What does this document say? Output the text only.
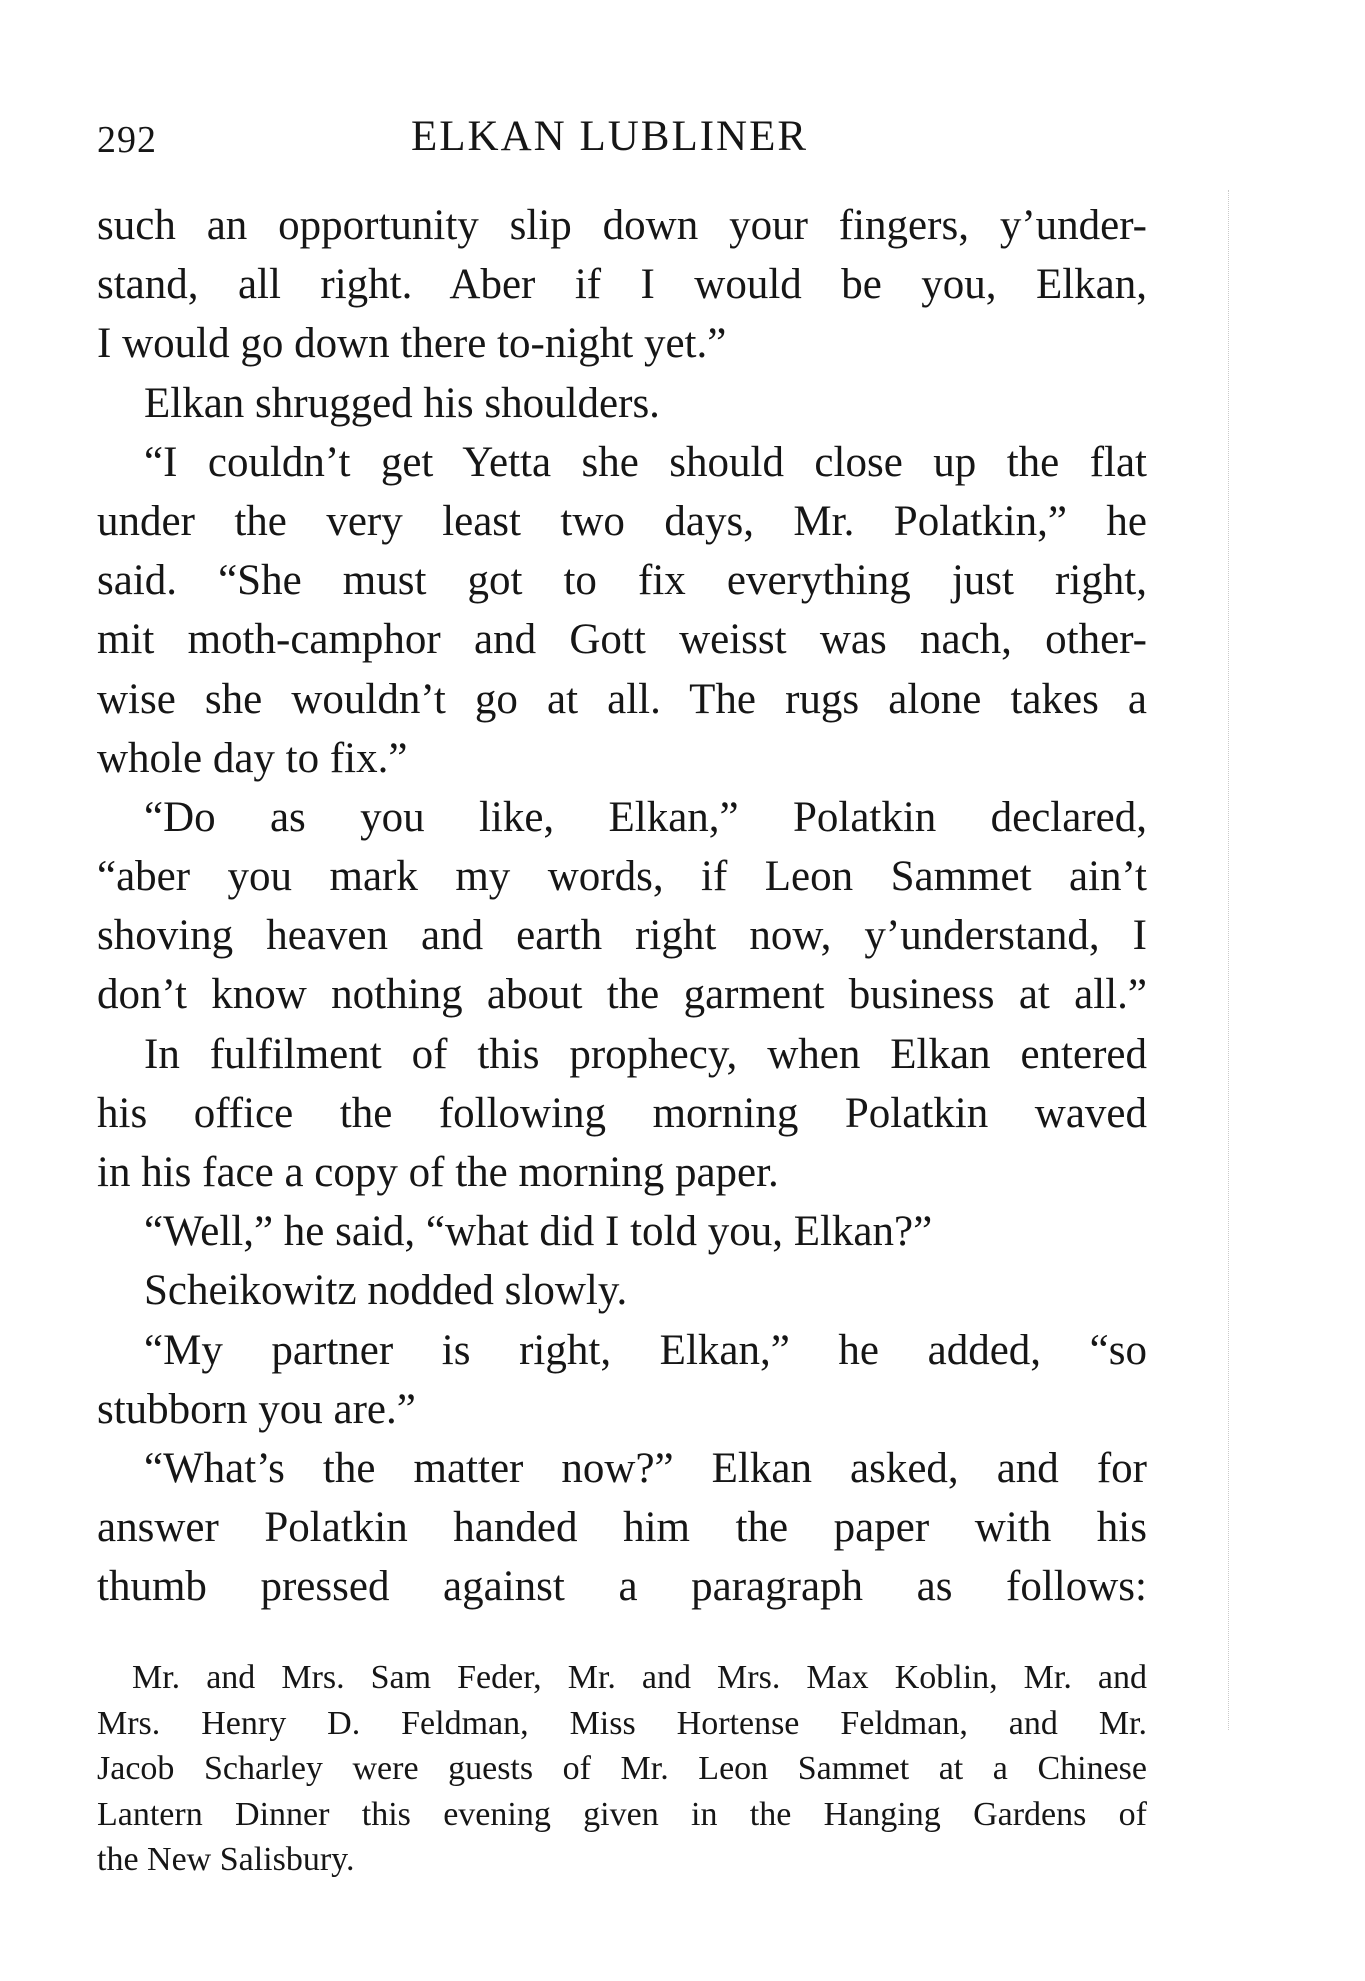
292	ELKAN LUBLINER
such an opportunity slip down your fingers, y’under-
stand, all right. Aber if I would be you, Elkan,
I would go down there to-night yet.”
Elkan shrugged his shoulders.
“I couldn’t get Yetta she should close up the flat
under the very least two days, Mr. Polatkin,” he
said. “She must got to fix everything just right,
mit moth-camphor and Gott weisst was nach, other-
wise she wouldn’t go at all. The rugs alone takes a
whole day to fix.”
“Do as you like, Elkan,” Polatkin declared,
“aber you mark my words, if Leon Sammet ain’t
shoving heaven and earth right now, y’understand, I
don’t know nothing about the garment business at all.”
In fulfilment of this prophecy, when Elkan entered
his office the following morning Polatkin waved
in his face a copy of the morning paper.
“Well,” he said, “what did I told you, Elkan?”
Scheikowitz nodded slowly.
“My partner is right, Elkan,” he added, “so
stubborn you are.”
“What’s the matter now?” Elkan asked, and for
answer Polatkin handed him the paper with his
thumb pressed against a paragraph as follows:
Mr. and Mrs. Sam Feder, Mr. and Mrs. Max Koblin, Mr. and
Mrs. Henry D. Feldman, Miss Hortense Feldman, and Mr.
Jacob Scharley were guests of Mr. Leon Sammet at a Chinese
Lantern Dinner this evening given in the Hanging Gardens of
the New Salisbury.
